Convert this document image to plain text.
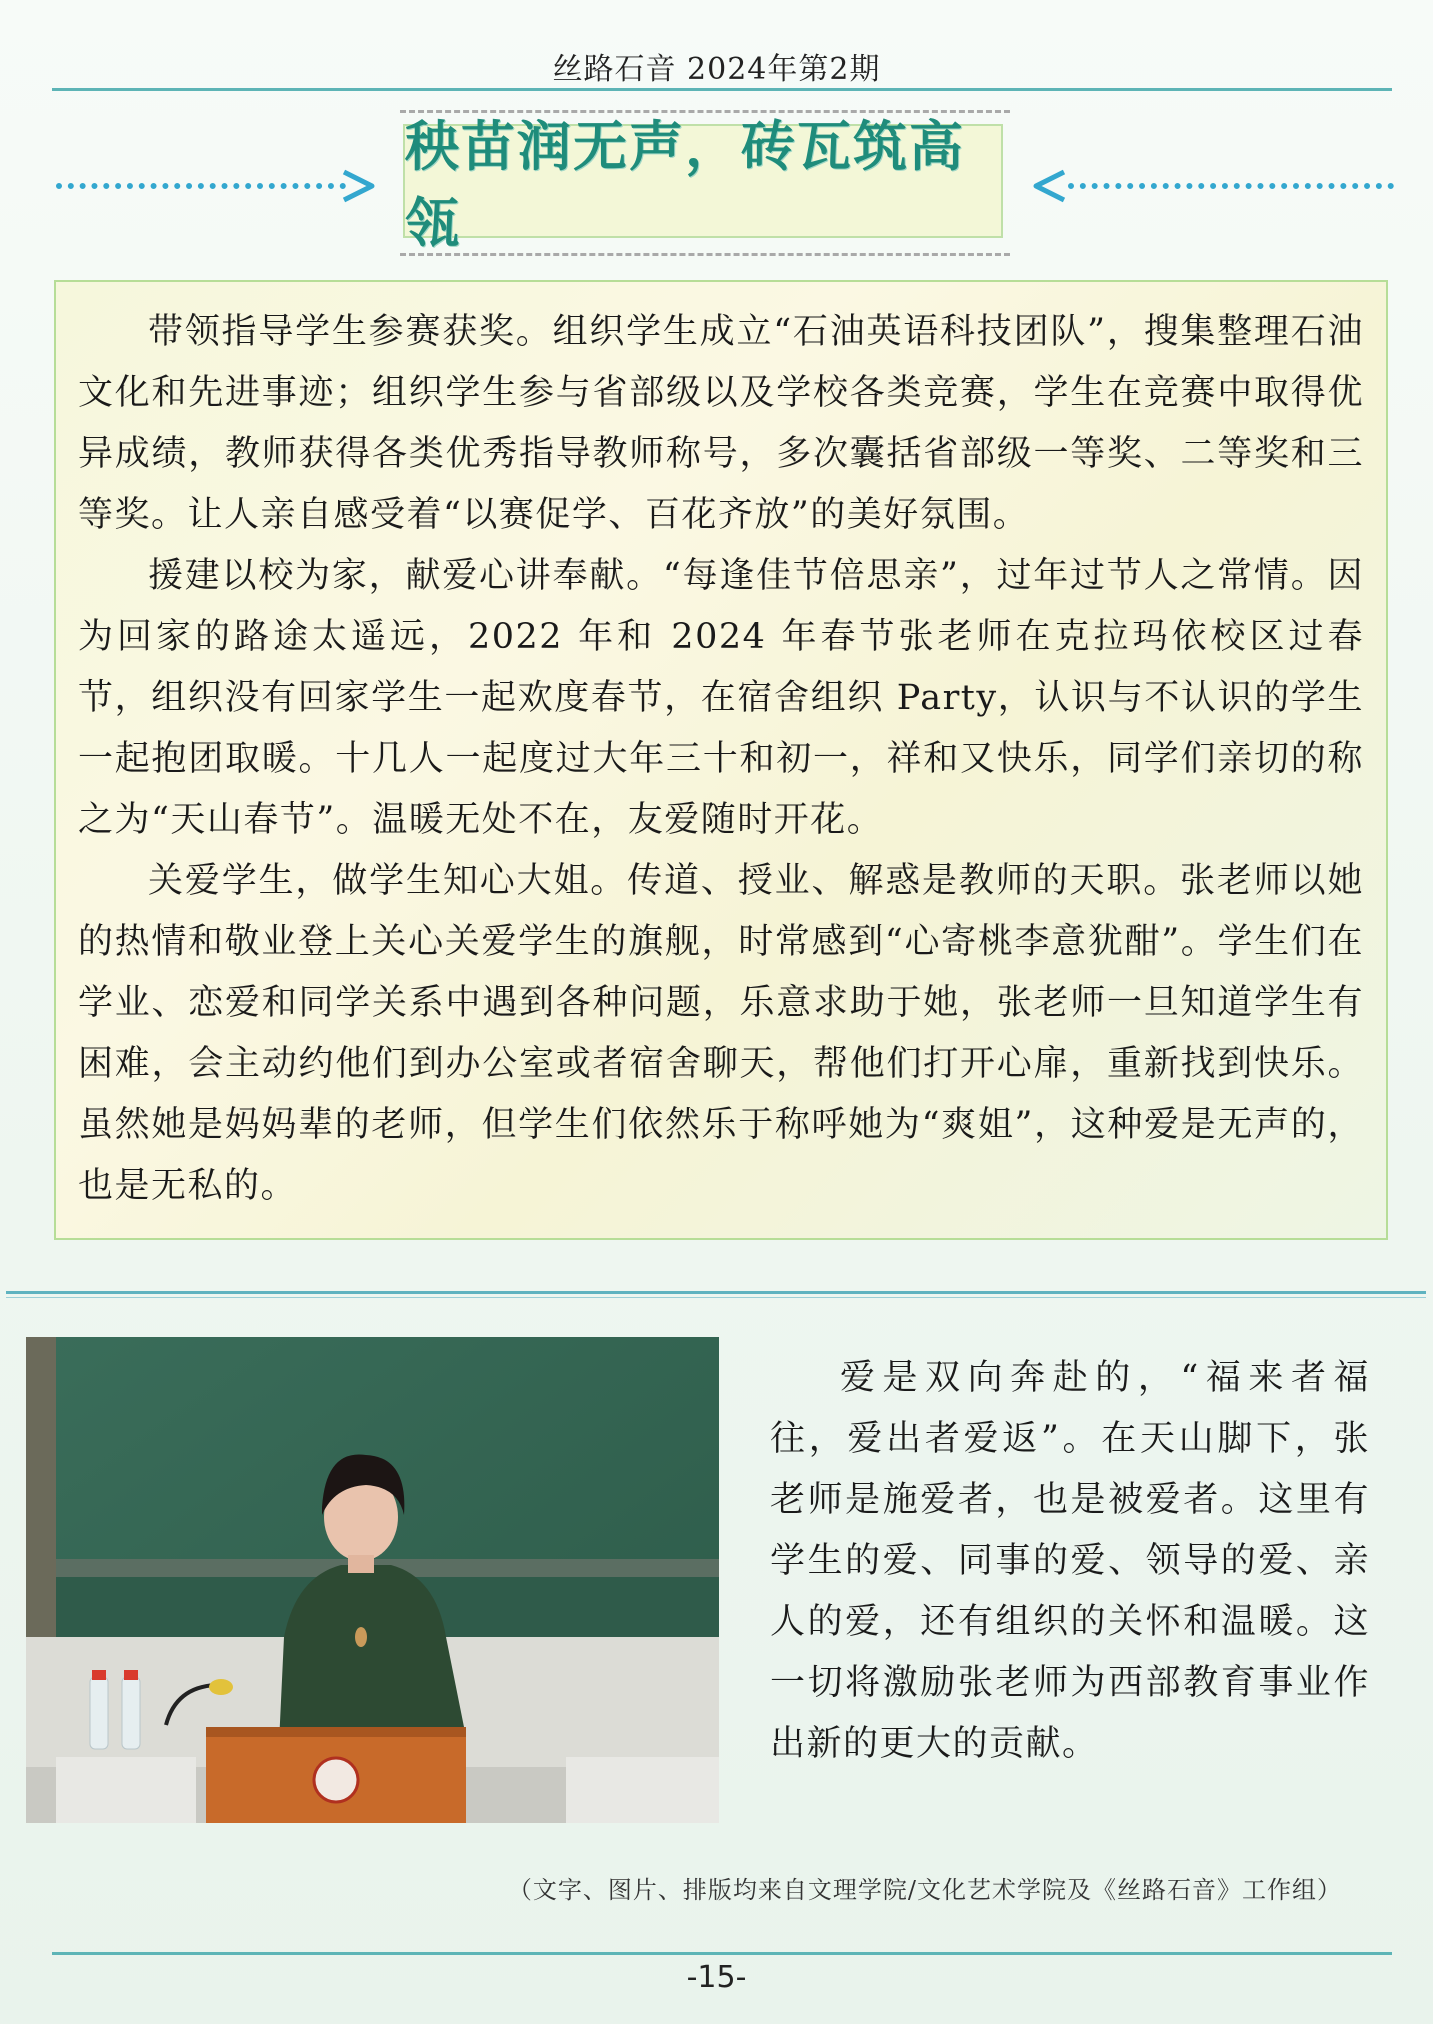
丝路石音 2024年第2期
秧苗润无声，砖瓦筑高瓴

带领指导学生参赛获奖。组织学生成立“石油英语科技团队”，搜集整理石油文化和先进事迹；组织学生参与省部级以及学校各类竞赛，学生在竞赛中取得优异成绩，教师获得各类优秀指导教师称号，多次囊括省部级一等奖、二等奖和三等奖。让人亲自感受着“以赛促学、百花齐放”的美好氛围。

援建以校为家，献爱心讲奉献。“每逢佳节倍思亲”，过年过节人之常情。因为回家的路途太遥远，2022 年和 2024 年春节张老师在克拉玛依校区过春节，组织没有回家学生一起欢度春节，在宿舍组织 Party，认识与不认识的学生一起抱团取暖。十几人一起度过大年三十和初一，祥和又快乐，同学们亲切的称之为“天山春节”。温暖无处不在，友爱随时开花。

关爱学生，做学生知心大姐。传道、授业、解惑是教师的天职。张老师以她的热情和敬业登上关心关爱学生的旗舰，时常感到“心寄桃李意犹酣”。学生们在学业、恋爱和同学关系中遇到各种问题，乐意求助于她，张老师一旦知道学生有困难，会主动约他们到办公室或者宿舍聊天，帮他们打开心扉，重新找到快乐。虽然她是妈妈辈的老师，但学生们依然乐于称呼她为“爽姐”，这种爱是无声的，也是无私的。

爱是双向奔赴的，“福来者福往，爱出者爱返”。在天山脚下，张老师是施爱者，也是被爱者。这里有学生的爱、同事的爱、领导的爱、亲人的爱，还有组织的关怀和温暖。这一切将激励张老师为西部教育事业作出新的更大的贡献。

（文字、图片、排版均来自文理学院/文化艺术学院及《丝路石音》工作组）
-15-
